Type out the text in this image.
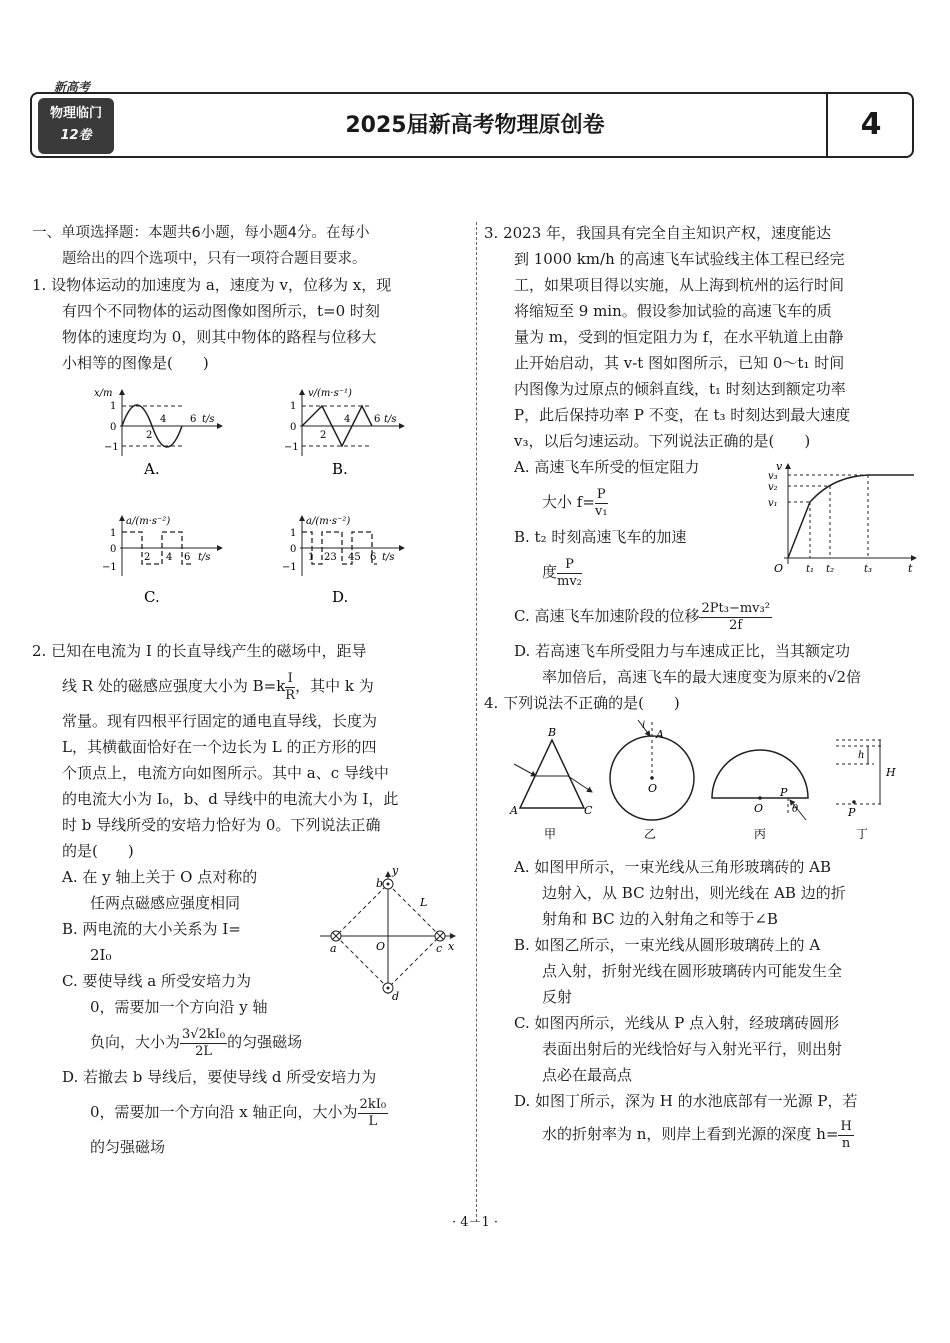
新高考
物理临门
12卷	2025届新高考物理原创卷	4

一、单项选择题：本题共6小题，每小题4分。在每小

题给出的四个选项中，只有一项符合题目要求。

1. 设物体运动的加速度为 a，速度为 v，位移为 x，现

有四个不同物体的运动图像如图所示，t=0 时刻

物体的速度均为 0，则其中物体的路程与位移大

小相等的图像是(　　)

x/m
1
0
−1
2
4 6 t/s
A.
v/(m·s⁻¹)
1
0
−1
2
4 6 t/s
B.
a/(m·s⁻²)
1
0
−1
2 4 6 t/s
C.
a/(m·s⁻²)
1
0
−1
1 23 45 6 t/s
D.

2. 已知在电流为 I 的长直导线产生的磁场中，距导

线 R 处的磁感应强度大小为 $B=k \frac{I}{R}$ ，其中 k 为

常量。现有四根平行固定的通电直导线，长度为

L，其横截面恰好在一个边长为 L 的正方形的四

个顶点上，电流方向如图所示。其中 a、c 导线中

的电流大小为 I₀，b、d 导线中的电流大小为 I，此

时 b 导线所受的安培力恰好为 0。下列说法正确

的是(　　)

y
x
b
a	c
d
O
L

A. 在 y 轴上关于 O 点对称的

任两点磁感应强度相同

B. 两电流的大小关系为 I=

2I₀

C. 要使导线 a 所受安培力为

0，需要加一个方向沿 y 轴

负向，大小为 $\frac{\text{3√2kI₀}}{2L}$ 的匀强磁场

D. 若撤去 b 导线后，要使导线 d 所受安培力为

0，需要加一个方向沿 x 轴正向，大小为 $\frac{\text{2kI₀}}{L}$

的匀强磁场

3. 2023 年，我国具有完全自主知识产权，速度能达

到 1000 km/h 的高速飞车试验线主体工程已经完

工，如果项目得以实施，从上海到杭州的运行时间

将缩短至 9 min。假设参加试验的高速飞车的质

量为 m，受到的恒定阻力为 f，在水平轨道上由静

止开始启动，其 v-t 图如图所示，已知 0～t₁ 时间

内图像为过原点的倾斜直线，t₁ 时刻达到额定功率

P，此后保持功率 P 不变，在 t₃ 时刻达到最大速度

v₃，以后匀速运动。下列说法正确的是(　　)

v
t
O
v₃
v₂
v₁
t₁ t₂	t₃

A. 高速飞车所受的恒定阻力

大小 $f= \frac{P}{\text{v₁}}$

B. t₂ 时刻高速飞车的加速

度 $\frac{P}{\text{mv₂}}$

C. 高速飞车加速阶段的位移 $\frac{\text{2Pt₃−mv₃²}}{2f}$

D. 若高速飞车所受阻力与车速成正比，当其额定功

率加倍后，高速飞车的最大速度变为原来的√2倍

4. 下列说法不正确的是(　　)

B
A	C
甲
A
i
O
乙
O
P
θ
丙
h
H
P
丁

A. 如图甲所示，一束光线从三角形玻璃砖的 AB

边射入，从 BC 边射出，则光线在 AB 边的折

射角和 BC 边的入射角之和等于∠B

B. 如图乙所示，一束光线从圆形玻璃砖上的 A

点入射，折射光线在圆形玻璃砖内可能发生全

反射

C. 如图丙所示，光线从 P 点入射，经玻璃砖圆形

表面出射后的光线恰好与入射光平行，则出射

点必在最高点

D. 如图丁所示，深为 H 的水池底部有一光源 P，若

水的折射率为 n，则岸上看到光源的深度 $h= \frac{H}{n}$

· 4－1 ·
